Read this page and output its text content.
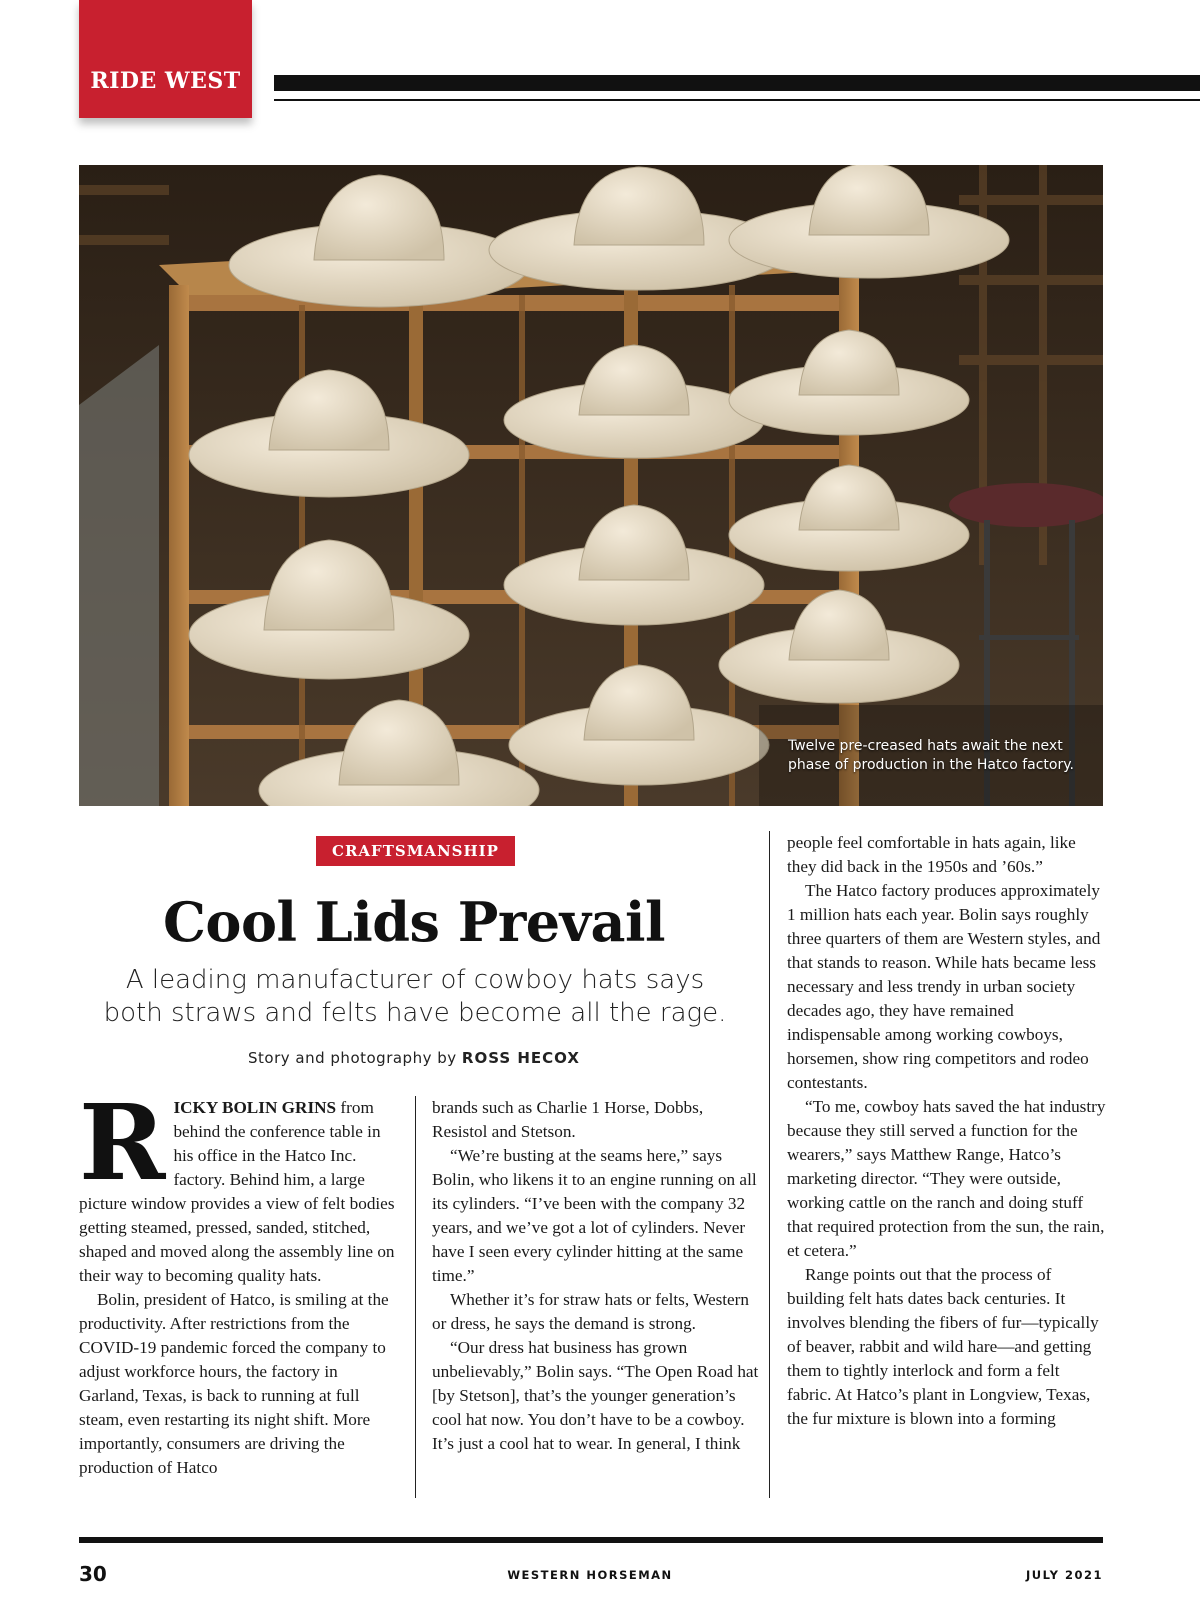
RIDE WEST
Twelve pre-creased hats await the next phase of production in the Hatco factory.
CRAFTSMANSHIP
Cool Lids Prevail
A leading manufacturer of cowboy hats says both straws and felts have become all the rage.
Story and photography by ROSS HECOX

RICKY BOLIN GRINS from behind the conference table in his office in the Hatco Inc. factory. Behind him, a large picture window provides a view of felt bodies getting steamed, pressed, sanded, stitched, shaped and moved along the assembly line on their way to becoming quality hats.

Bolin, president of Hatco, is smiling at the productivity. After restrictions from the COVID-19 pandemic forced the company to adjust workforce hours, the factory in Garland, Texas, is back to running at full steam, even restarting its night shift. More importantly, consumers are driving the production of Hatco

brands such as Charlie 1 Horse, Dobbs, Resistol and Stetson.

“We’re busting at the seams here,” says Bolin, who likens it to an engine running on all its cylinders. “I’ve been with the company 32 years, and we’ve got a lot of cylinders. Never have I seen every cylinder hitting at the same time.”

Whether it’s for straw hats or felts, Western or dress, he says the demand is strong.

“Our dress hat business has grown unbelievably,” Bolin says. “The Open Road hat [by Stetson], that’s the younger generation’s cool hat now. You don’t have to be a cowboy. It’s just a cool hat to wear. In general, I think

people feel comfortable in hats again, like they did back in the 1950s and ’60s.”

The Hatco factory produces approximately 1 million hats each year. Bolin says roughly three quarters of them are Western styles, and that stands to reason. While hats became less necessary and less trendy in urban society decades ago, they have remained indispensable among working cowboys, horsemen, show ring competitors and rodeo contestants.

“To me, cowboy hats saved the hat industry because they still served a function for the wearers,” says Matthew Range, Hatco’s marketing director. “They were outside, working cattle on the ranch and doing stuff that required protection from the sun, the rain, et cetera.”

Range points out that the process of building felt hats dates back centuries. It involves blending the fibers of fur—typically of beaver, rabbit and wild hare—and getting them to tightly interlock and form a felt fabric. At Hatco’s plant in Longview, Texas, the fur mixture is blown into a forming

30	WESTERN HORSEMAN	JULY 2021
